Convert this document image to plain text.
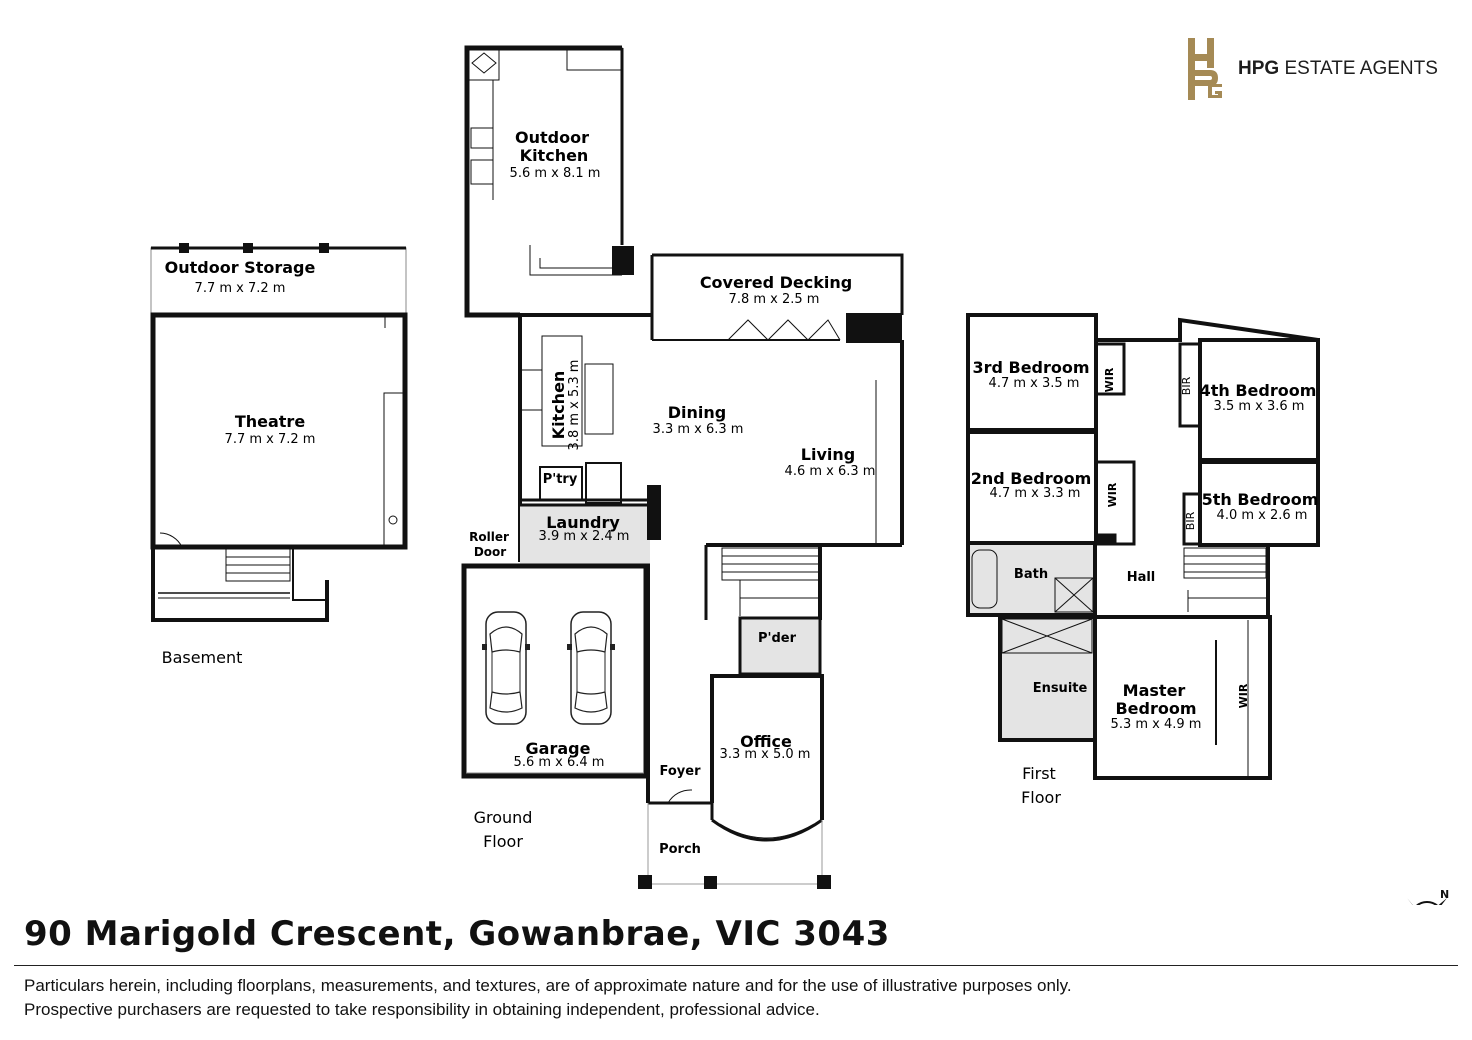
HPG ESTATE AGENTS
N
Outdoor Storage
7.7 m x 7.2 m
Theatre
7.7 m x 7.2 m
Basement
Outdoor
Kitchen
5.6 m x 8.1 m
Covered Decking
7.8 m x 2.5 m
Kitchen 3.8 m x 5.3 m	Dining
3.3 m x 6.3 m
Living
4.6 m x 6.3 m
P'try
Laundry
3.9 m x 2.4 m
Roller
Door
Garage
5.6 m x 6.4 m
P'der
Office
3.3 m x 5.0 m
Foyer
Porch
Ground
Floor
3rd Bedroom
4.7 m x 3.5 m WIR
2nd Bedroom
4.7 m x 3.3 m WIR
BIR 4th Bedroom
3.5 m x 3.6 m
BIR
5th Bedroom
4.0 m x 2.6 m
Bath	Hall
Ensuite Master
Bedroom
5.3 m x 4.9 m
WIR
First
Floor
90 Marigold Crescent, Gowanbrae, VIC 3043
Particulars herein, including floorplans, measurements, and textures, are of approximate nature and for the use of illustrative purposes only.
Prospective purchasers are requested to take responsibility in obtaining independent, professional advice.
